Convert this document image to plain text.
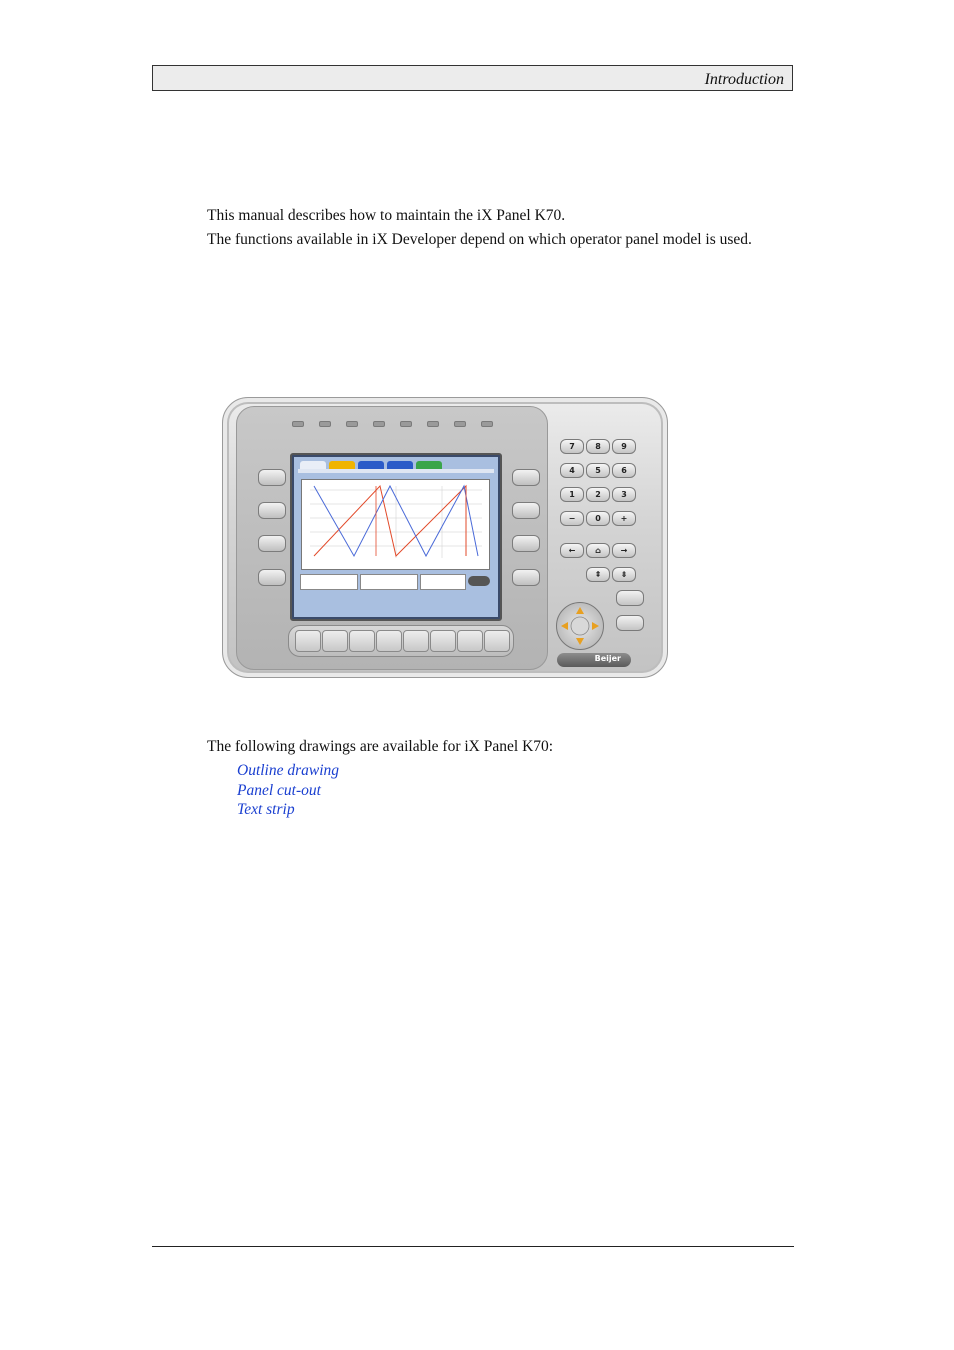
Introduction

This manual describes how to maintain the iX Panel K70.

The functions available in iX Developer depend on which operator panel model is used.

7	8	9
4	5	6
1	2	3
−	0	+
←	⌂	→
⇞	⇟
Beijer

The following drawings are available for iX Panel K70:

Outline drawing
Panel cut-out
Text strip
